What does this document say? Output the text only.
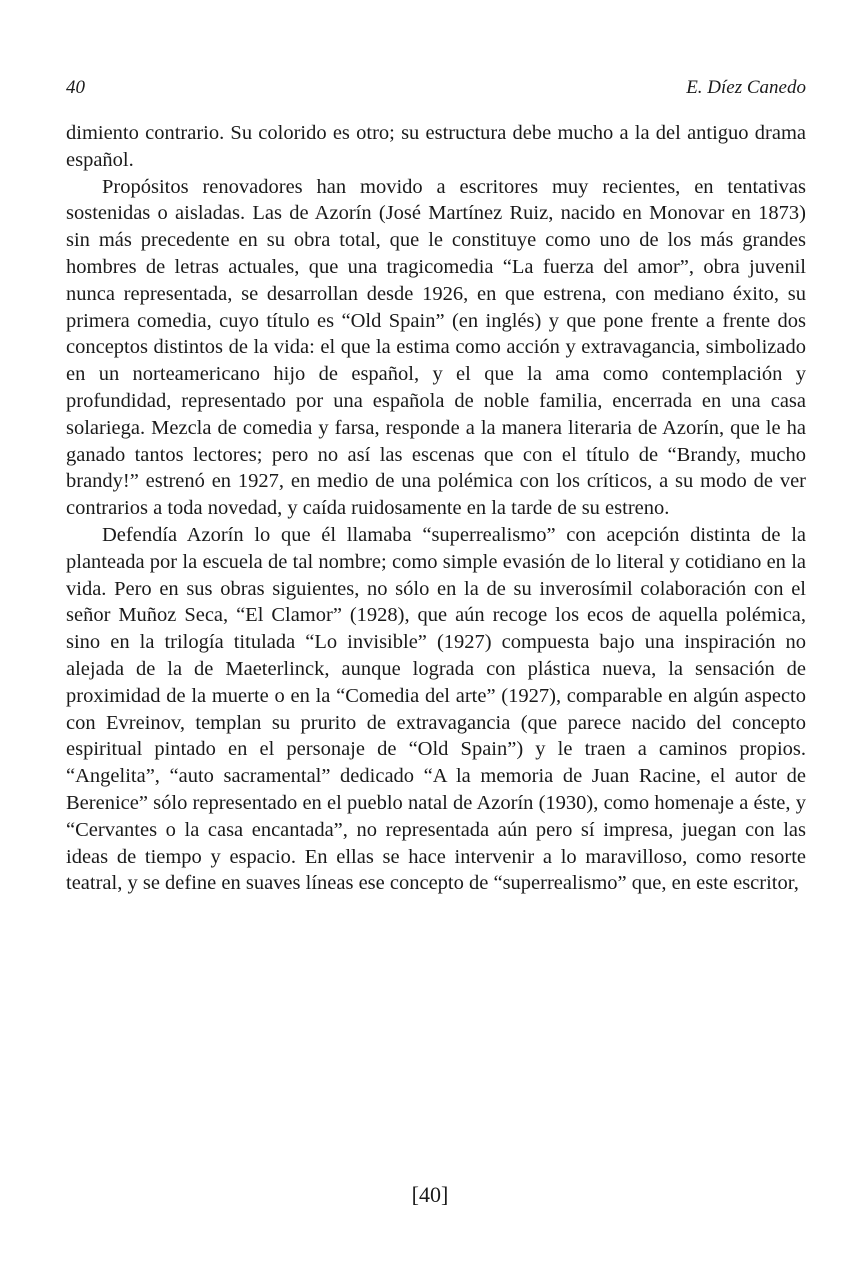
40	E. Díez Canedo

dimiento contrario. Su colorido es otro; su estructura debe mucho a la del antiguo drama español.

Propósitos renovadores han movido a escritores muy recientes, en tentativas sostenidas o aisladas. Las de Azorín (José Martínez Ruiz, nacido en Monovar en 1873) sin más precedente en su obra total, que le constituye como uno de los más grandes hombres de letras actuales, que una tragicomedia “La fuerza del amor”, obra juvenil nunca representada, se desarrollan desde 1926, en que estrena, con mediano éxito, su primera comedia, cuyo título es “Old Spain” (en inglés) y que pone frente a frente dos conceptos distintos de la vida: el que la estima como acción y extravagancia, simbolizado en un norteamericano hijo de español, y el que la ama como contemplación y profundidad, representado por una española de noble familia, encerrada en una casa solariega. Mezcla de comedia y farsa, responde a la manera literaria de Azorín, que le ha ganado tantos lectores; pero no así las escenas que con el título de “Brandy, mucho brandy!” estrenó en 1927, en medio de una polémica con los críticos, a su modo de ver contrarios a toda novedad, y caída ruidosamente en la tarde de su estreno.

Defendía Azorín lo que él llamaba “superrealismo” con acepción distinta de la planteada por la escuela de tal nombre; como simple evasión de lo literal y cotidiano en la vida. Pero en sus obras siguientes, no sólo en la de su inverosímil colaboración con el señor Muñoz Seca, “El Clamor” (1928), que aún recoge los ecos de aquella polémica, sino en la trilogía titulada “Lo invisible” (1927) compuesta bajo una inspiración no alejada de la de Maeterlinck, aunque lograda con plástica nueva, la sensación de proximidad de la muerte o en la “Comedia del arte” (1927), comparable en algún aspecto con Evreinov, templan su prurito de extravagancia (que parece nacido del concepto espiritual pintado en el personaje de “Old Spain”) y le traen a caminos propios. “Angelita”, “auto sacramental” dedicado “A la memoria de Juan Racine, el autor de Berenice” sólo representado en el pueblo natal de Azorín (1930), como homenaje a éste, y “Cervantes o la casa encantada”, no representada aún pero sí impresa, juegan con las ideas de tiempo y espacio. En ellas se hace intervenir a lo maravilloso, como resorte teatral, y se define en suaves líneas ese concepto de “superrealismo” que, en este escritor,

[40]
